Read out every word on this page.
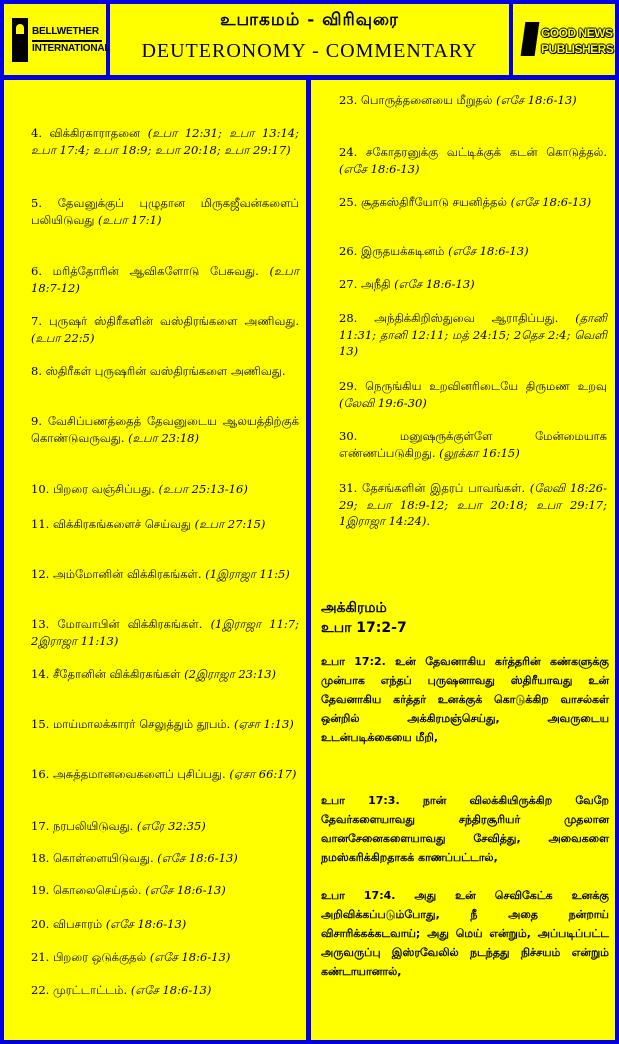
BELLWETHER
INTERNATIONAL
உபாகமம் - விரிவுரை
DEUTERONOMY - COMMENTARY
GOOD NEWS
PUBLISHERS
4. விக்கிரகாராதனை (உபா 12:31; உபா 13:14; உபா 17:4; உபா 18:9; உபா 20:18; உபா 29:17)
5. தேவனுக்குப் புழுதான மிருகஜீவன்களைப் பலியிடுவது (உபா 17:1)
6. மரித்தோரின் ஆவிகளோடு பேசுவது. (உபா 18:7-12)
7. புருஷர் ஸ்திரீகளின் வஸ்திரங்களை அணிவது. (உபா 22:5)
8. ஸ்திரீகள் புருஷரின் வஸ்திரங்களை அணிவது.
9. வேசிப்பணத்தைத் தேவனுடைய ஆலயத்திற்குக் கொண்டுவருவது. (உபா 23:18)
10. பிறரை வஞ்சிப்பது. (உபா 25:13-16)
11. விக்கிரகங்களைச் செய்வது (உபா 27:15)
12. அம்மோனின் விக்கிரகங்கள். (1இராஜா 11:5)
13. மோவாபின் விக்கிரகங்கள். (1இராஜா 11:7; 2இராஜா 11:13)
14. சீதோனின் விக்கிரகங்கள் (2இராஜா 23:13)
15. மாய்மாலக்காரர் செலுத்தும் தூபம். (ஏசா 1:13)
16. அசுத்தமானவைகளைப் புசிப்பது. (ஏசா 66:17)
17. நரபலியிடுவது. (எரே 32:35)
18. கொள்ளையிடுவது. (எசே 18:6-13)
19. கொலைசெய்தல். (எசே 18:6-13)
20. விபசாரம் (எசே 18:6-13)
21. பிறரை ஒடுக்குதல் (எசே 18:6-13)
22. முரட்டாட்டம். (எசே 18:6-13)
23. பொருத்தனையை மீறுதல் (எசே 18:6-13)
24. சகோதரனுக்கு வட்டிக்குக் கடன் கொடுத்தல். (எசே 18:6-13)
25. சூதகஸ்திரீயோடு சயனித்தல் (எசே 18:6-13)
26. இருதயக்கடினம் (எசே 18:6-13)
27. அநீதி (எசே 18:6-13)
28. அந்திக்கிறிஸ்துவை ஆராதிப்பது. (தானி 11:31; தானி 12:11; மத் 24:15; 2தெச 2:4; வெளி 13)
29. நெருங்கிய உறவினரிடையே திருமண உறவு (லேவி 19:6-30)
30. மனுஷருக்குள்ளே மேன்மையாக எண்ணப்படுகிறது. (லூக்கா 16:15)
31. தேசங்களின் இதரப் பாவங்கள். (லேவி 18:26-29; உபா 18:9-12; உபா 20:18; உபா 29:17; 1இராஜா 14:24).
அக்கிரமம்
உபா 17:2-7
உபா 17:2. உன் தேவனாகிய கர்த்தரின் கண்களுக்கு முன்பாக எந்தப் புருஷனாவது ஸ்திரீயாவது உன் தேவனாகிய கர்த்தர் உனக்குக் கொடுக்கிற வாசல்கள் ஒன்றில் அக்கிரமஞ்செய்து, அவருடைய உடன்படிக்கையை மீறி,
உபா 17:3. நான் விலக்கியிருக்கிற வேறே தேவர்களையாவது சந்திரசூரியர் முதலான வானசேனைகளையாவது சேவித்து, அவைகளை நமஸ்கரிக்கிறதாகக் காணப்பட்டால்,
உபா 17:4. அது உன் செவிகேட்க உனக்கு அறிவிக்கப்படும்போது, நீ அதை நன்றாய் விசாரிக்கக்கடவாய்; அது மெய் என்றும், அப்படிப்பட்ட அருவருப்பு இஸ்ரவேலில் நடந்தது நிச்சயம் என்றும் கண்டாயானால்,
